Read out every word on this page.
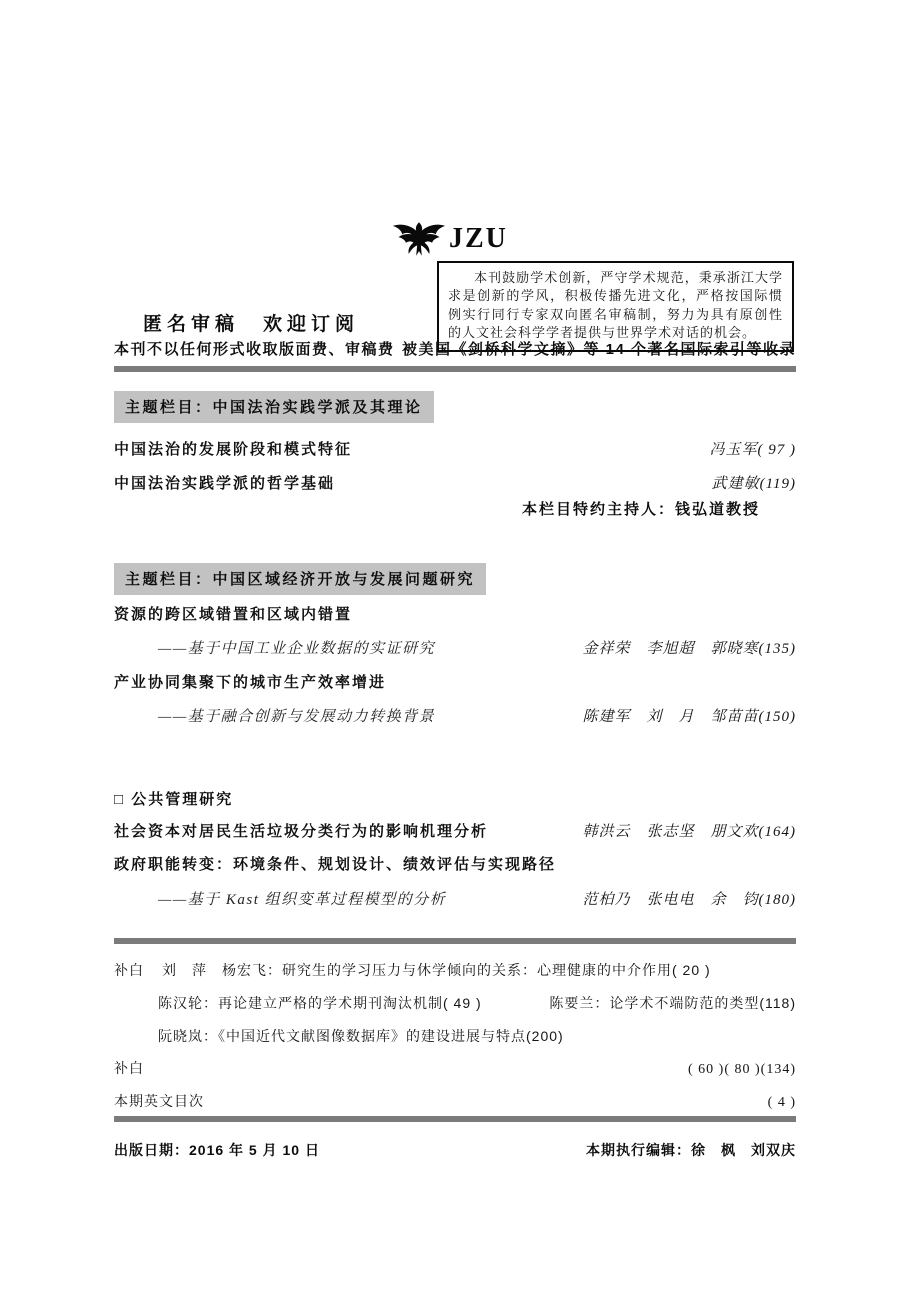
JZU
本刊鼓励学术创新，严守学术规范，秉承浙江大学求是创新的学风，积极传播先进文化，严格按国际惯例实行同行专家双向匿名审稿制，努力为具有原创性的人文社会科学学者提供与世界学术对话的机会。
匿名审稿　欢迎订阅
本刊不以任何形式收取版面费、审稿费 被美国《剑桥科学文摘》等 14 个著名国际索引等收录
主题栏目：中国法治实践学派及其理论
中国法治的发展阶段和模式特征	冯玉军( 97 )
中国法治实践学派的哲学基础	武建敏(119)
本栏目特约主持人：钱弘道教授
主题栏目：中国区域经济开放与发展问题研究
资源的跨区域错置和区域内错置
——基于中国工业企业数据的实证研究	金祥荣　李旭超　郭晓寒(135)
产业协同集聚下的城市生产效率增进
——基于融合创新与发展动力转换背景	陈建军　刘　月　邹苗苗(150)
□ 公共管理研究
社会资本对居民生活垃圾分类行为的影响机理分析	韩洪云　张志坚　朋文欢(164)
政府职能转变：环境条件、规划设计、绩效评估与实现路径
——基于 Kast 组织变革过程模型的分析	范柏乃　张电电　余　钧(180)
补白 刘　萍　杨宏飞：研究生的学习压力与休学倾向的关系：心理健康的中介作用( 20 )
陈汉轮：再论建立严格的学术期刊淘汰机制( 49 )	陈要兰：论学术不端防范的类型(118)
阮晓岚：《中国近代文献图像数据库》的建设进展与特点(200)
补白	( 60 )( 80 )(134)
本期英文目次	( 4 )
出版日期：2016 年 5 月 10 日	本期执行编辑：徐　枫　刘双庆
